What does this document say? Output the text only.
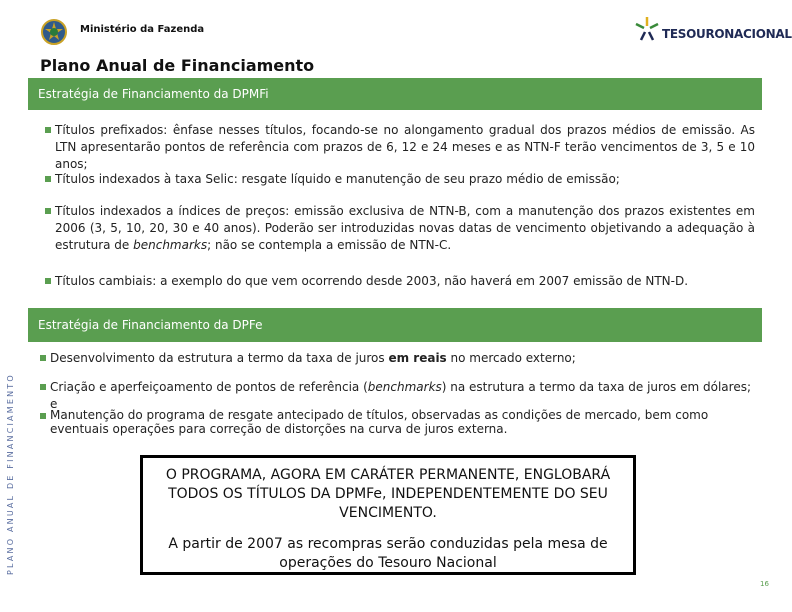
Ministério da Fazenda	TESOURONACIONAL
Plano Anual de Financiamento
Estratégia de Financiamento da DPMFi
Títulos prefixados: ênfase nesses títulos, focando-se no alongamento gradual dos prazos médios de emissão. As LTN apresentarão pontos de referência com prazos de 6, 12 e 24 meses e as NTN-F terão vencimentos de 3, 5 e 10 anos;
Títulos indexados à taxa Selic: resgate líquido e manutenção de seu prazo médio de emissão;
Títulos indexados a índices de preços: emissão exclusiva de NTN-B, com a manutenção dos prazos existentes em 2006 (3, 5, 10, 20, 30 e 40 anos). Poderão ser introduzidas novas datas de vencimento objetivando a adequação à estrutura de benchmarks; não se contempla a emissão de NTN-C.
Títulos cambiais: a exemplo do que vem ocorrendo desde 2003, não haverá em 2007 emissão de NTN-D.
Estratégia de Financiamento da DPFe
Desenvolvimento da estrutura a termo da taxa de juros em reais no mercado externo;
Criação e aperfeiçoamento de pontos de referência (benchmarks) na estrutura a termo da taxa de juros em dólares; e
Manutenção do programa de resgate antecipado de títulos, observadas as condições de mercado, bem como eventuais operações para correção de distorções na curva de juros externa.
O PROGRAMA, AGORA EM CARÁTER PERMANENTE, ENGLOBARÁ TODOS OS TÍTULOS DA DPMFe, INDEPENDENTEMENTE DO SEU VENCIMENTO.
A partir de 2007 as recompras serão conduzidas pela mesa de operações do Tesouro Nacional
PLANO ANUAL DE FINANCIAMENTO
16
